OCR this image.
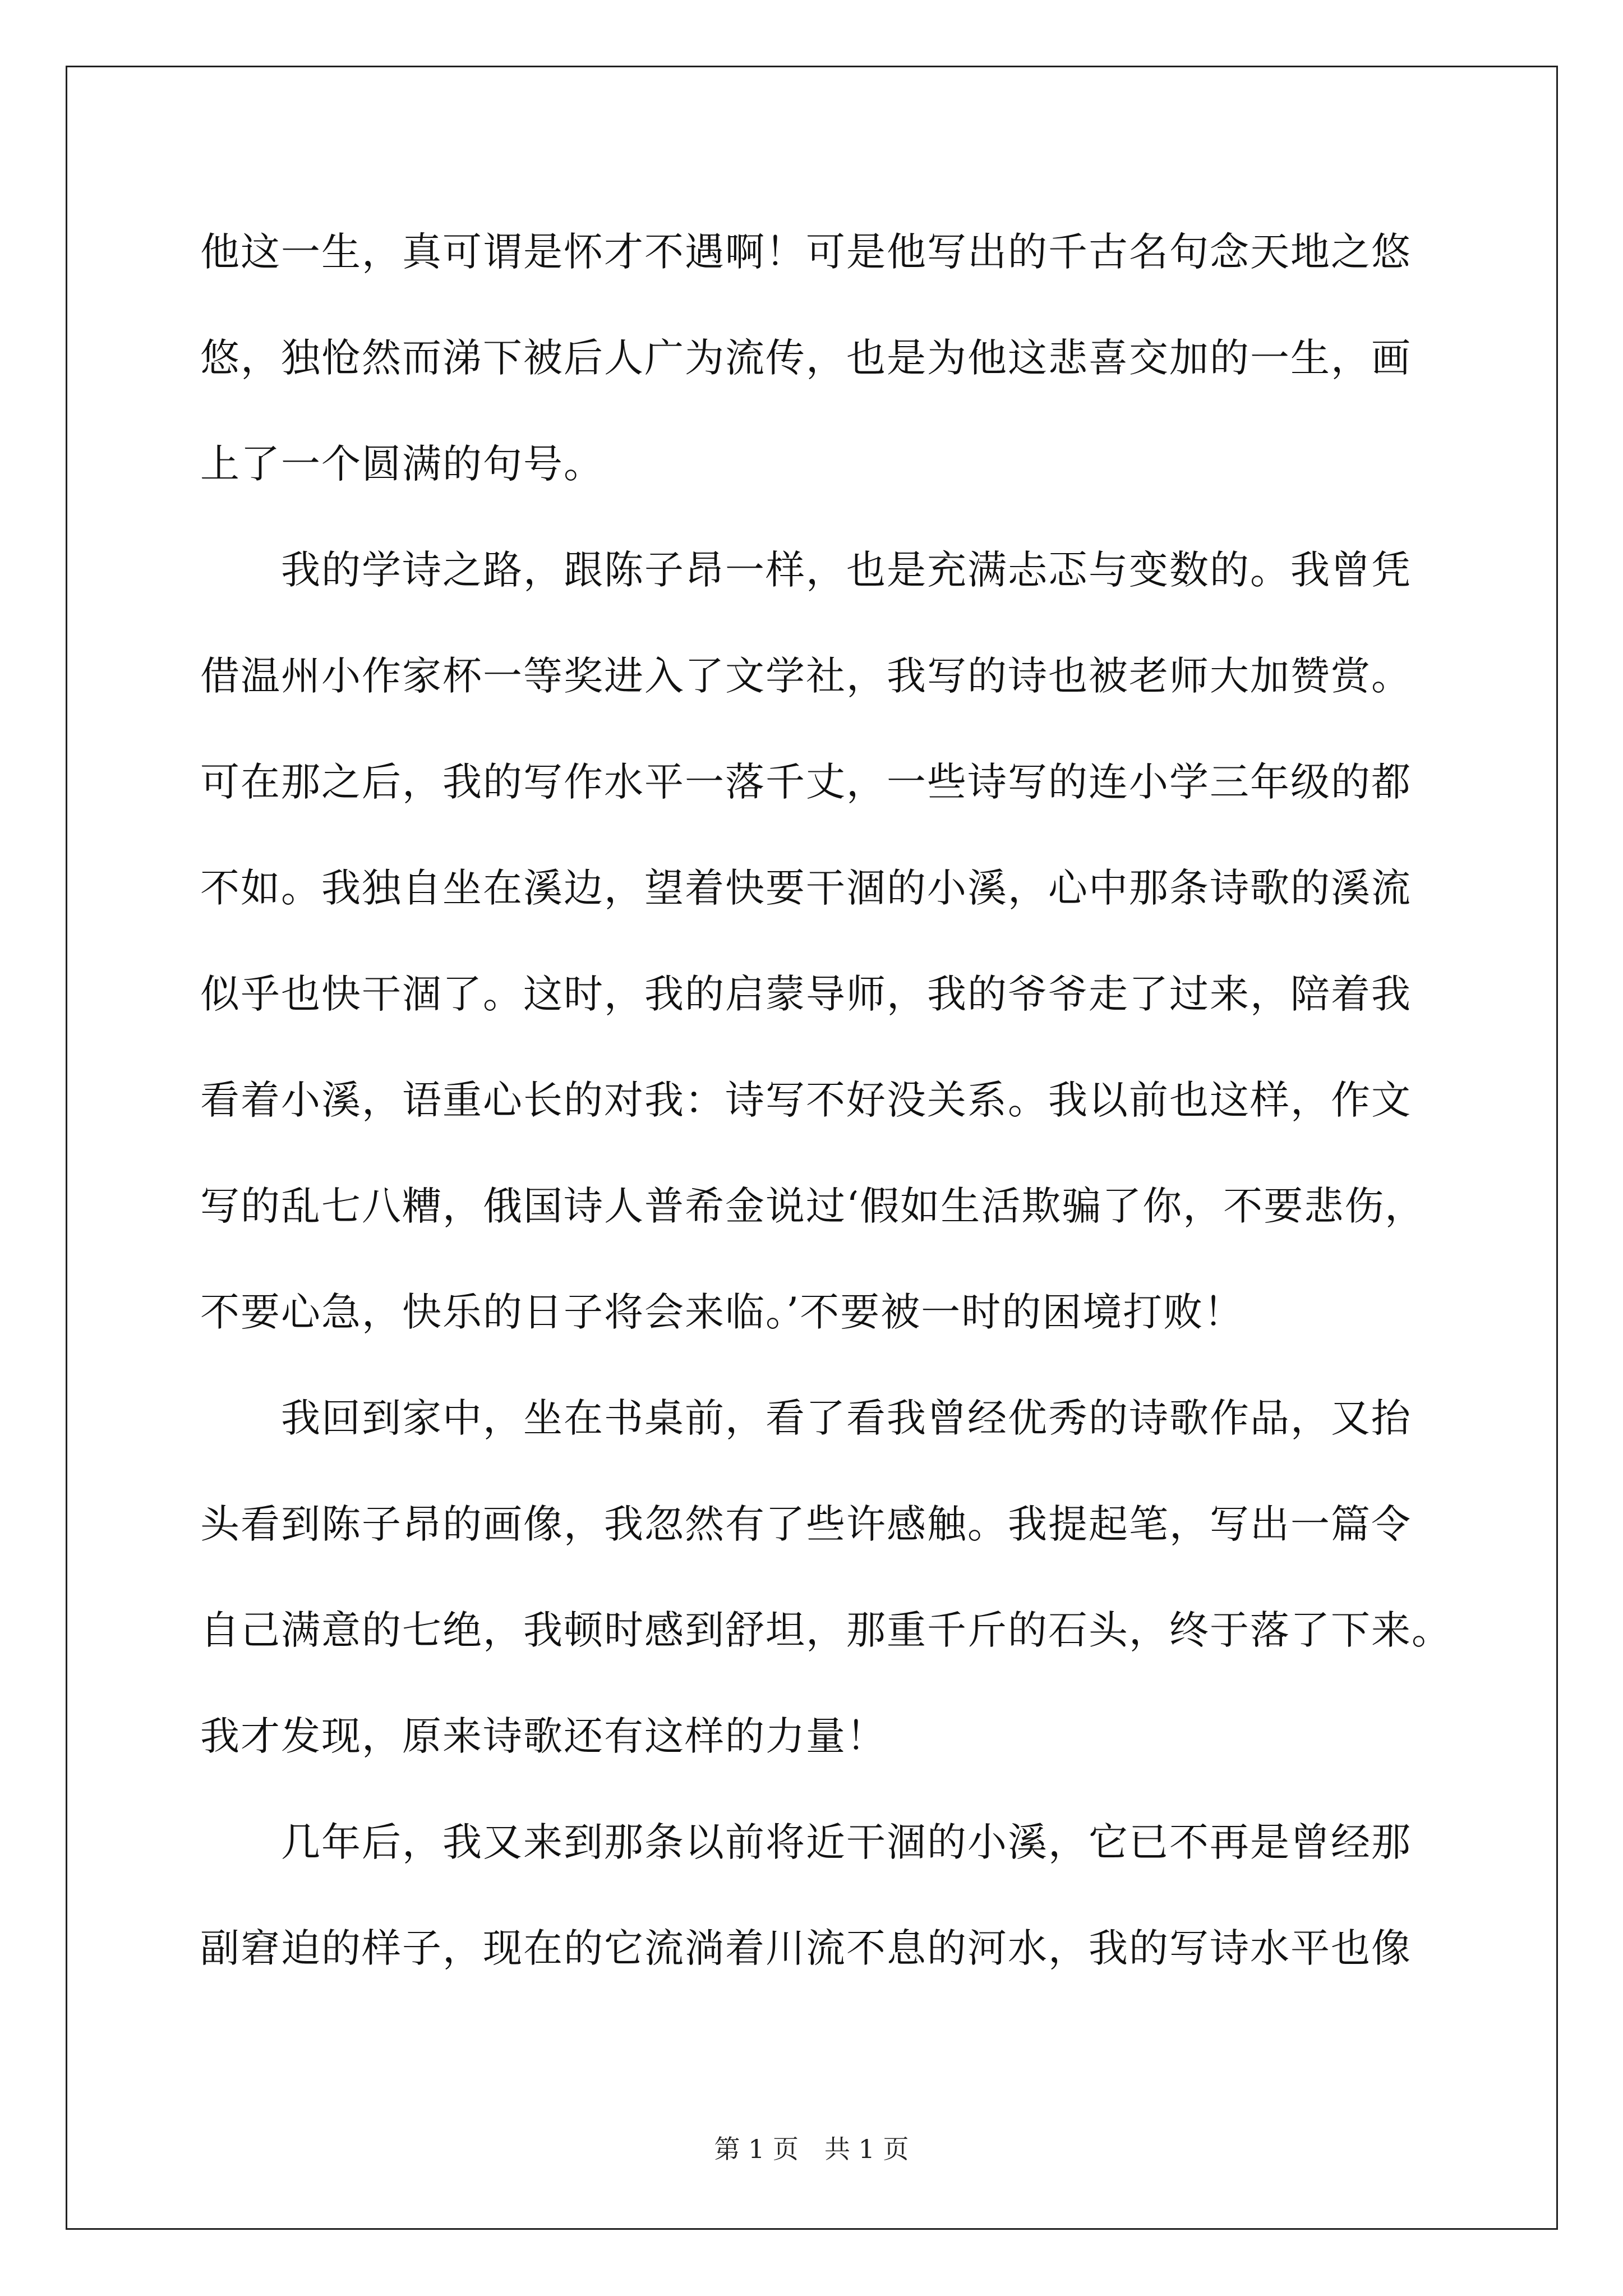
他这一生，真可谓是怀才不遇啊！可是他写出的千古名句念天地之悠
悠，独怆然而涕下被后人广为流传，也是为他这悲喜交加的一生，画
上了一个圆满的句号。
　　我的学诗之路，跟陈子昂一样，也是充满忐忑与变数的。我曾凭
借温州小作家杯一等奖进入了文学社，我写的诗也被老师大加赞赏。
可在那之后，我的写作水平一落千丈，一些诗写的连小学三年级的都
不如。我独自坐在溪边，望着快要干涸的小溪，心中那条诗歌的溪流
似乎也快干涸了。这时，我的启蒙导师，我的爷爷走了过来，陪着我
看着小溪，语重心长的对我：诗写不好没关系。我以前也这样，作文
写的乱七八糟，俄国诗人普希金说过‘假如生活欺骗了你，不要悲伤，
不要心急，快乐的日子将会来临。’不要被一时的困境打败！
　　我回到家中，坐在书桌前，看了看我曾经优秀的诗歌作品，又抬
头看到陈子昂的画像，我忽然有了些许感触。我提起笔，写出一篇令
自己满意的七绝，我顿时感到舒坦，那重千斤的石头，终于落了下来。
我才发现，原来诗歌还有这样的力量！
　　几年后，我又来到那条以前将近干涸的小溪，它已不再是曾经那
副窘迫的样子，现在的它流淌着川流不息的河水，我的写诗水平也像
第 1 页　共 1 页
